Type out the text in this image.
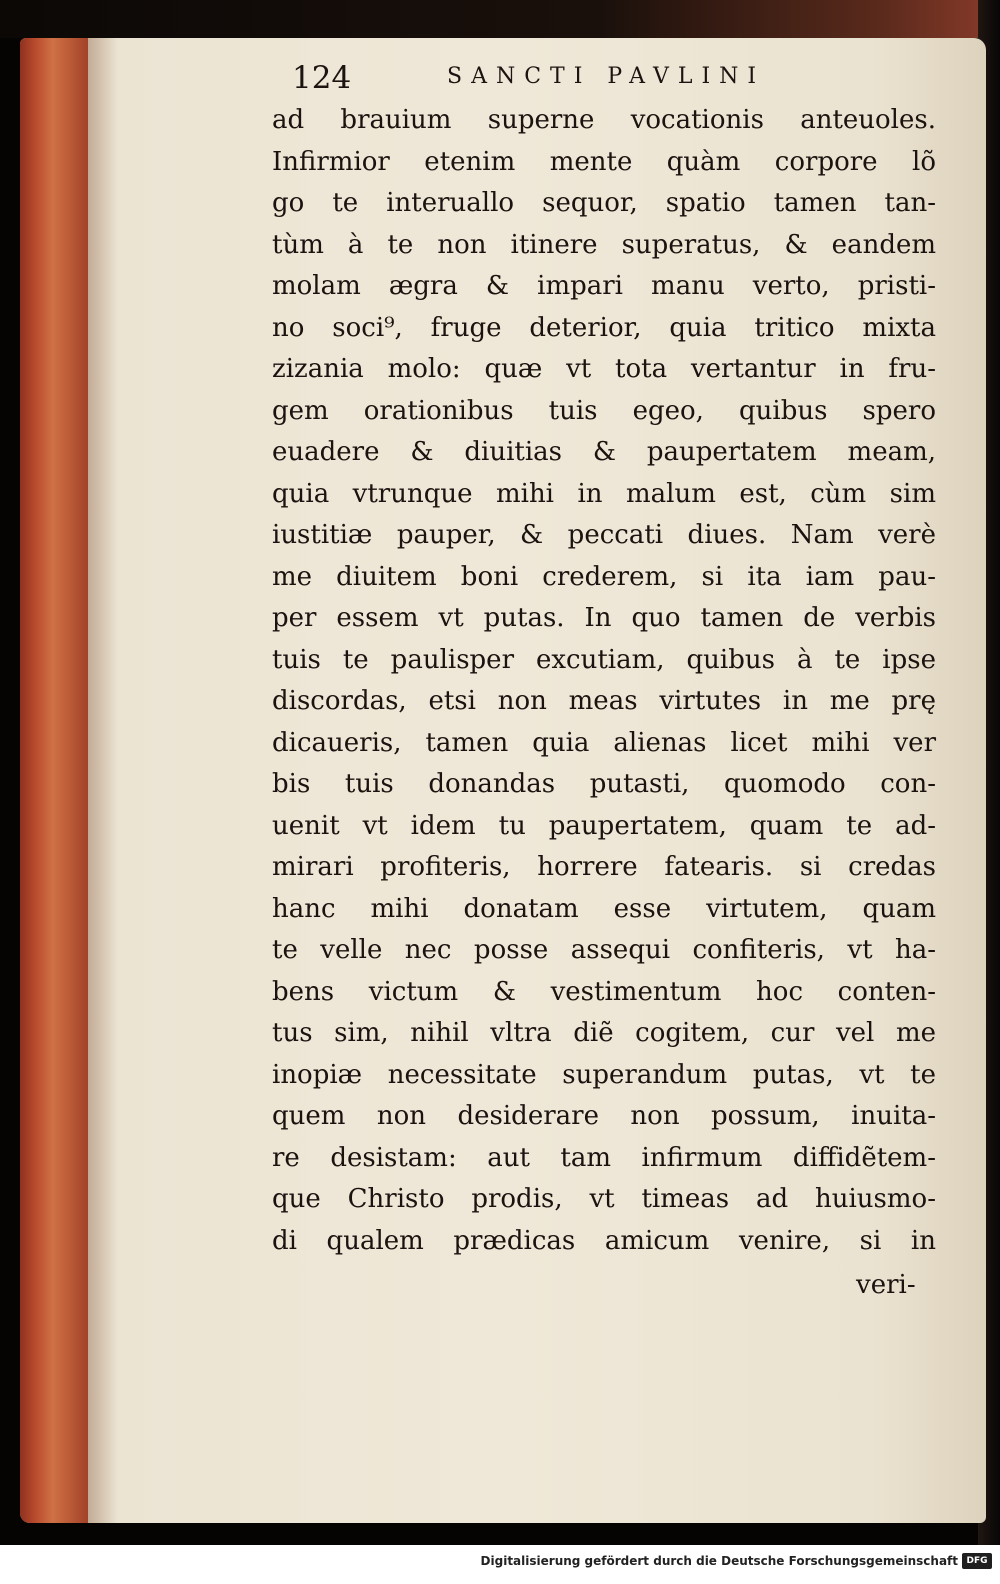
124	SANCTI PAVLINI
ad brauium superne vocationis anteuoles.
Infirmior etenim mente quàm corpore lõ
go te interuallo sequor, spatio tamen tan-
tùm à te non itinere superatus, & eandem
molam ægra & impari manu verto, pristi-
no soci⁹, fruge deterior, quia tritico mixta
zizania molo: quæ vt tota vertantur in fru-
gem orationibus tuis egeo, quibus spero
euadere & diuitias & paupertatem meam,
quia vtrunque mihi in malum est, cùm sim
iustitiæ pauper, & peccati diues. Nam verè
me diuitem boni crederem, si ita iam pau-
per essem vt putas. In quo tamen de verbis
tuis te paulisper excutiam, quibus à te ipse
discordas, etsi non meas virtutes in me prę
dicaueris, tamen quia alienas licet mihi ver
bis tuis donandas putasti, quomodo con-
uenit vt idem tu paupertatem, quam te ad-
mirari profiteris, horrere fatearis. si credas
hanc mihi donatam esse virtutem, quam
te velle nec posse assequi confiteris, vt ha-
bens victum & vestimentum hoc conten-
tus sim, nihil vltra diẽ cogitem, cur vel me
inopiæ necessitate superandum putas, vt te
quem non desiderare non possum, inuita-
re desistam: aut tam infirmum diffidẽtem-
que Christo prodis, vt timeas ad huiusmo-
di qualem prædicas amicum venire, si in
veri-
Digitalisierung gefördert durch die Deutsche Forschungsgemeinschaft DFG
